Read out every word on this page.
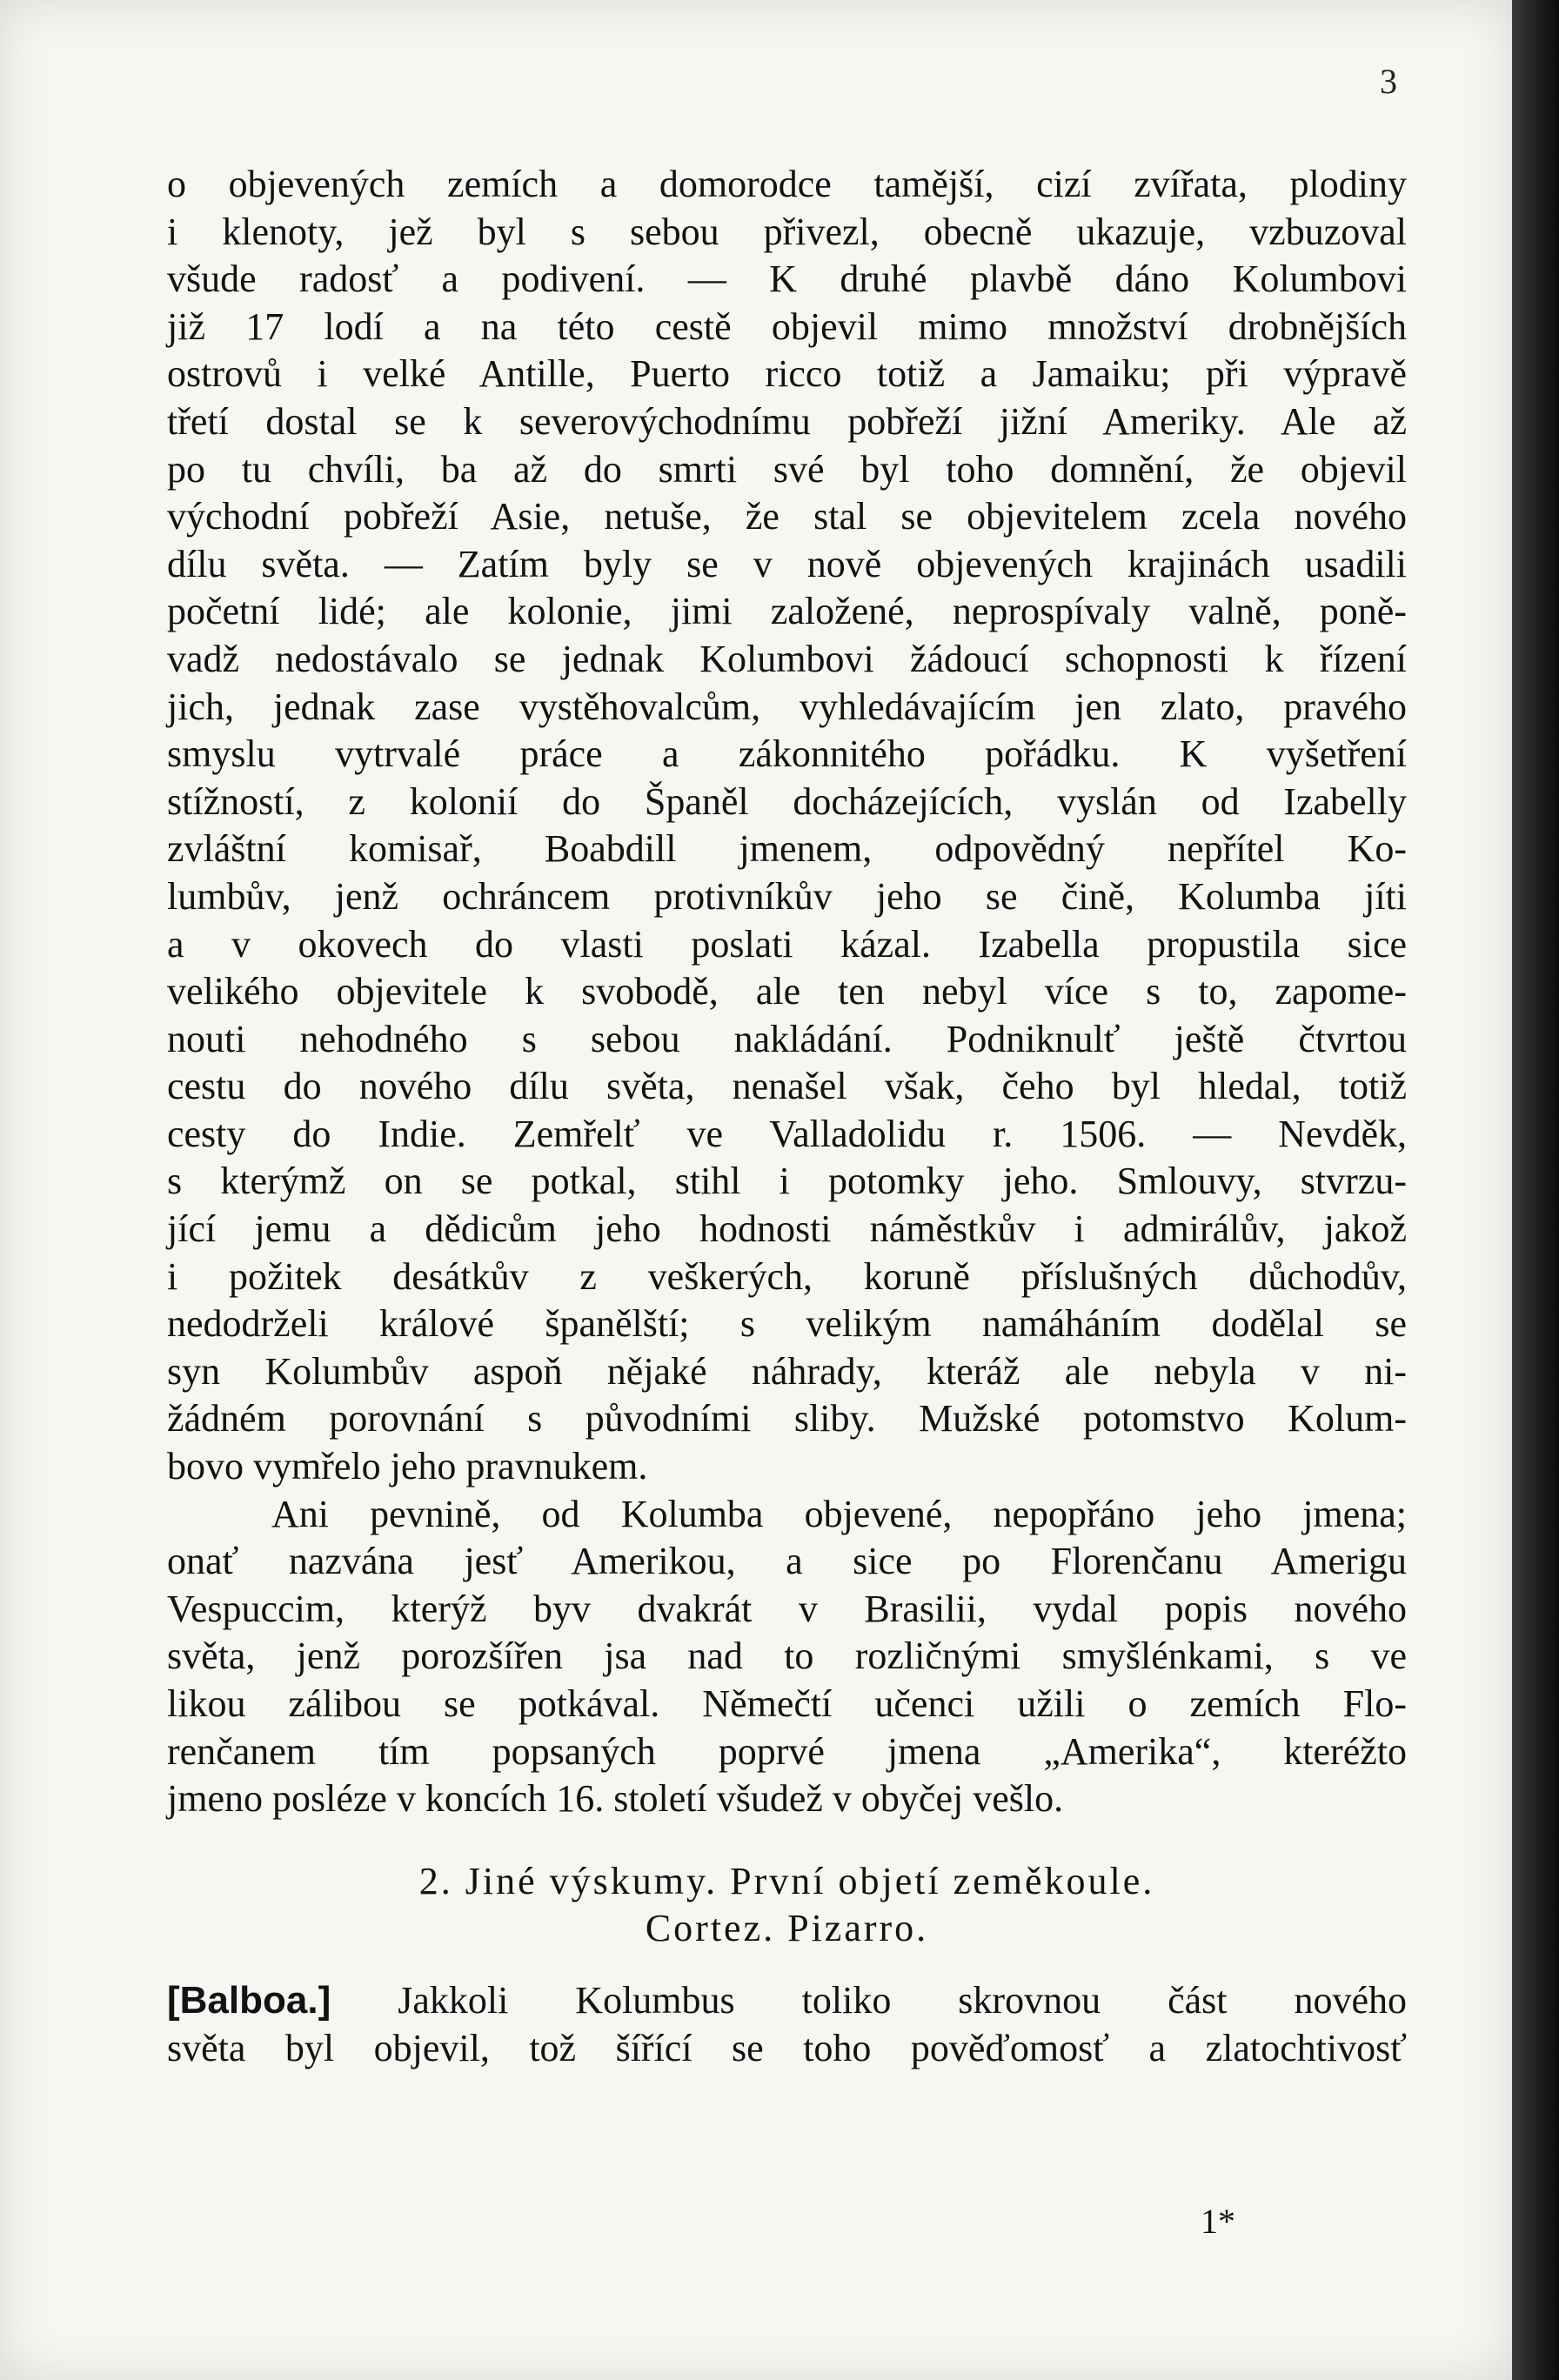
3

o objevených zemích a domorodce tamější, cizí zvířata, plodiny

i klenoty, jež byl s sebou přivezl, obecně ukazuje, vzbuzoval

všude radosť a podivení. — K druhé plavbě dáno Kolumbovi

již 17 lodí a na této cestě objevil mimo množství drobnějších

ostrovů i velké Antille, Puerto ricco totiž a Jamaiku; při výpravě

třetí dostal se k severovýchodnímu pobřeží jižní Ameriky. Ale až

po tu chvíli, ba až do smrti své byl toho domnění, že objevil

východní pobřeží Asie, netuše, že stal se objevitelem zcela nového

dílu světa. — Zatím byly se v nově objevených krajinách usadili

početní lidé; ale kolonie, jimi založené, neprospívaly valně, poně-

vadž nedostávalo se jednak Kolumbovi žádoucí schopnosti k řízení

jich, jednak zase vystěhovalcům, vyhledávajícím jen zlato, pravého

smyslu vytrvalé práce a zákonnitého pořádku. K vyšetření

stížností, z kolonií do Španěl docházejících, vyslán od Izabelly

zvláštní komisař, Boabdill jmenem, odpovědný nepřítel Ko-

lumbův, jenž ochráncem protivníkův jeho se čině, Kolumba jíti

a v okovech do vlasti poslati kázal. Izabella propustila sice

velikého objevitele k svobodě, ale ten nebyl více s to, zapome-

nouti nehodného s sebou nakládání. Podniknulť ještě čtvrtou

cestu do nového dílu světa, nenašel však, čeho byl hledal, totiž

cesty do Indie. Zemřelť ve Valladolidu r. 1506. — Nevděk,

s kterýmž on se potkal, stihl i potomky jeho. Smlouvy, stvrzu-

jící jemu a dědicům jeho hodnosti náměstkův i admirálův, jakož

i požitek desátkův z veškerých, koruně příslušných důchodův,

nedodrželi králové španělští; s velikým namáháním dodělal se

syn Kolumbův aspoň nějaké náhrady, kteráž ale nebyla v ni-

žádném porovnání s původními sliby. Mužské potomstvo Kolum-

bovo vymřelo jeho pravnukem.

Ani pevnině, od Kolumba objevené, nepopřáno jeho jmena;

onať nazvána jesť Amerikou, a sice po Florenčanu Amerigu

Vespuccim, kterýž byv dvakrát v Brasilii, vydal popis nového

světa, jenž porozšířen jsa nad to rozličnými smyšlénkami, s ve

likou zálibou se potkával. Němečtí učenci užili o zemích Flo-

renčanem tím popsaných poprvé jmena „Amerika“, kteréžto

jmeno posléze v koncích 16. století všudež v obyčej vešlo.

2. Jiné výskumy. První objetí zeměkoule.

Cortez. Pizarro.

[Balboa.] Jakkoli Kolumbus toliko skrovnou část nového

světa byl objevil, tož šířící se toho pověďomosť a zlatochtivosť

1*
